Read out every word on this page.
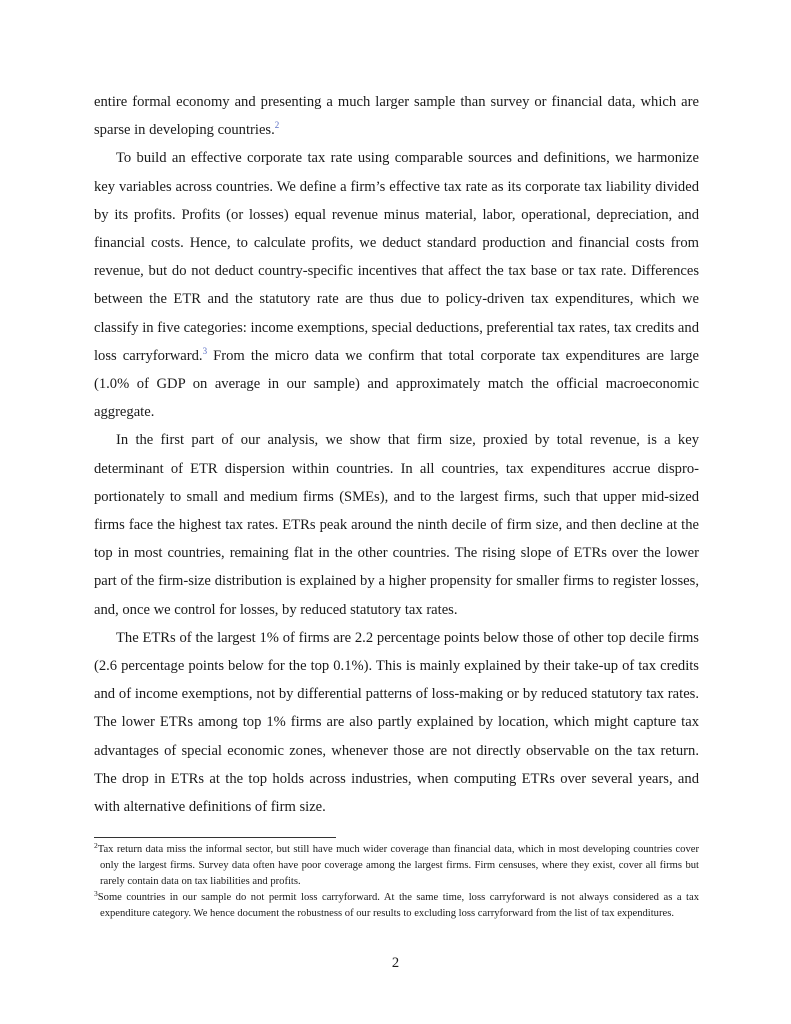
entire formal economy and presenting a much larger sample than survey or financial data, which are sparse in developing countries.$^2$

To build an effective corporate tax rate using comparable sources and definitions, we harmonize key variables across countries. We define a firm’s effective tax rate as its corporate tax liability divided by its profits. Profits (or losses) equal revenue minus material, labor, operational, depreciation, and financial costs. Hence, to calculate profits, we deduct standard production and financial costs from revenue, but do not deduct country-specific incentives that affect the tax base or tax rate. Differences between the ETR and the statutory rate are thus due to policy-driven tax expenditures, which we classify in five categories: income exemptions, special deductions, preferential tax rates, tax credits and loss carryforward.$^3$ From the micro data we confirm that total corporate tax expenditures are large (1.0% of GDP on average in our sample) and approximately match the official macroeconomic aggregate.

In the first part of our analysis, we show that firm size, proxied by total revenue, is a key determinant of ETR dispersion within countries. In all countries, tax expenditures accrue disproportionately to small and medium firms (SMEs), and to the largest firms, such that upper mid-sized firms face the highest tax rates. ETRs peak around the ninth decile of firm size, and then decline at the top in most countries, remaining flat in the other countries. The rising slope of ETRs over the lower part of the firm-size distribution is explained by a higher propensity for smaller firms to register losses, and, once we control for losses, by reduced statutory tax rates.

The ETRs of the largest 1% of firms are 2.2 percentage points below those of other top decile firms (2.6 percentage points below for the top 0.1%). This is mainly explained by their take-up of tax credits and of income exemptions, not by differential patterns of loss-making or by reduced statutory tax rates. The lower ETRs among top 1% firms are also partly explained by location, which might capture tax advantages of special economic zones, whenever those are not directly observable on the tax return. The drop in ETRs at the top holds across industries, when computing ETRs over several years, and with alternative definitions of firm size.

$^2$Tax return data miss the informal sector, but still have much wider coverage than financial data, which in most developing countries cover only the largest firms. Survey data often have poor coverage among the largest firms. Firm censuses, where they exist, cover all firms but rarely contain data on tax liabilities and profits.

$^3$Some countries in our sample do not permit loss carryforward. At the same time, loss carryforward is not always considered as a tax expenditure category. We hence document the robustness of our results to excluding loss carryforward from the list of tax expenditures.

2
